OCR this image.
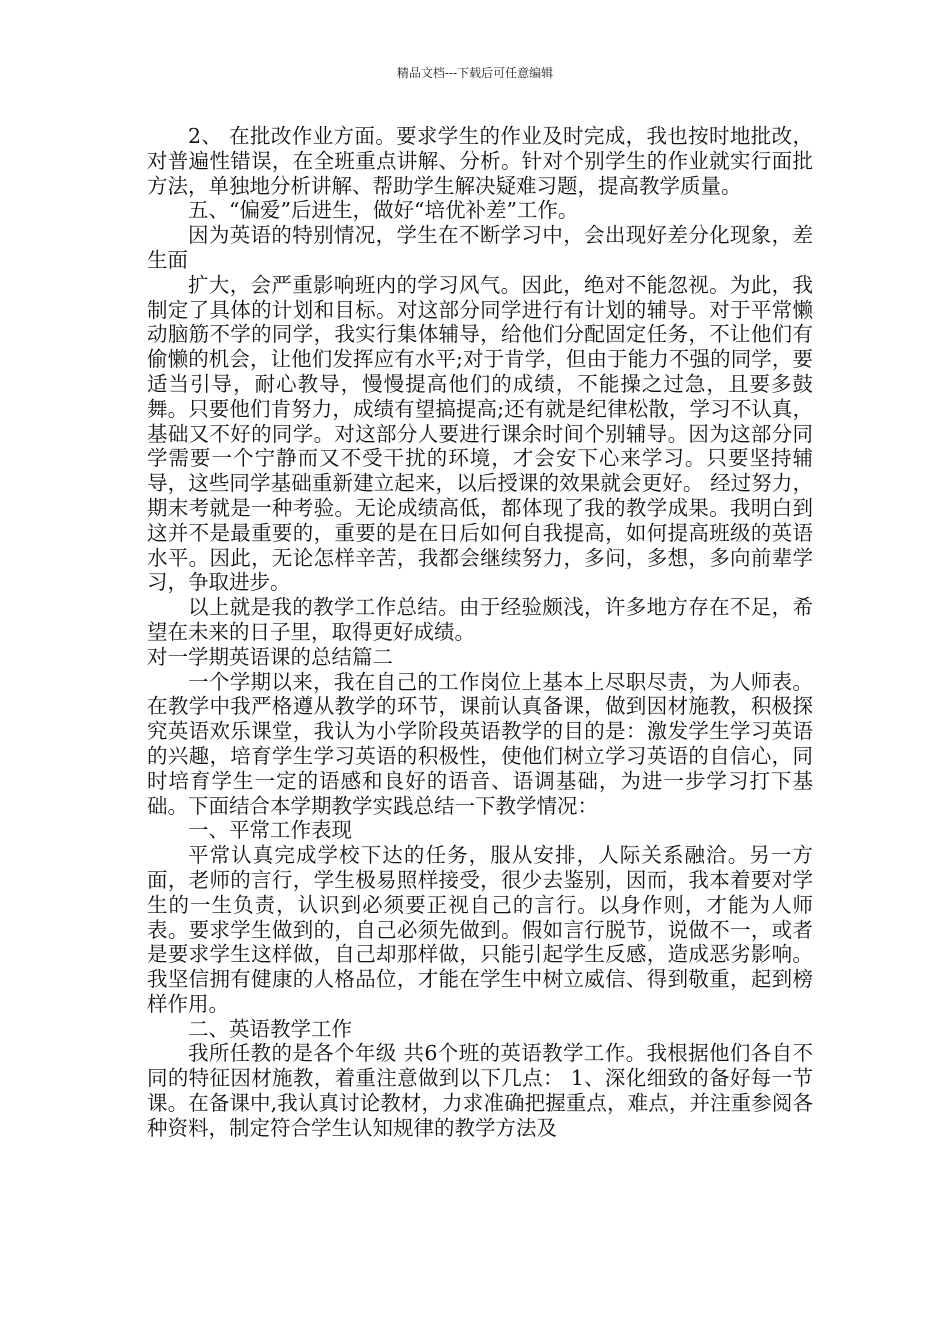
精品文档---下载后可任意编辑

2、 在批改作业方面。要求学生的作业及时完成，我也按时地批改，对普遍性错误，在全班重点讲解、分析。针对个别学生的作业就实行面批方法，单独地分析讲解、帮助学生解决疑难习题，提高教学质量。

五、“偏爱”后进生，做好“培优补差”工作。

因为英语的特别情况，学生在不断学习中，会出现好差分化现象，差生面

扩大，会严重影响班内的学习风气。因此，绝对不能忽视。为此，我制定了具体的计划和目标。对这部分同学进行有计划的辅导。对于平常懒动脑筋不学的同学，我实行集体辅导，给他们分配固定任务，不让他们有偷懒的机会，让他们发挥应有水平;对于肯学，但由于能力不强的同学，要适当引导，耐心教导，慢慢提高他们的成绩，不能操之过急，且要多鼓舞。只要他们肯努力，成绩有望搞提高;还有就是纪律松散，学习不认真，基础又不好的同学。对这部分人要进行课余时间个别辅导。因为这部分同学需要一个宁静而又不受干扰的环境，才会安下心来学习。只要坚持辅导，这些同学基础重新建立起来，以后授课的效果就会更好。 经过努力，期末考就是一种考验。无论成绩高低，都体现了我的教学成果。我明白到这并不是最重要的，重要的是在日后如何自我提高，如何提高班级的英语水平。因此，无论怎样辛苦，我都会继续努力，多问，多想，多向前辈学习，争取进步。

以上就是我的教学工作总结。由于经验颇浅，许多地方存在不足，希望在未来的日子里，取得更好成绩。

对一学期英语课的总结篇二

一个学期以来，我在自己的工作岗位上基本上尽职尽责，为人师表。在教学中我严格遵从教学的环节，课前认真备课，做到因材施教，积极探究英语欢乐课堂，我认为小学阶段英语教学的目的是：激发学生学习英语的兴趣，培育学生学习英语的积极性，使他们树立学习英语的自信心，同时培育学生一定的语感和良好的语音、语调基础，为进一步学习打下基础。下面结合本学期教学实践总结一下教学情况：

一、平常工作表现

平常认真完成学校下达的任务，服从安排，人际关系融洽。另一方面，老师的言行，学生极易照样接受，很少去鉴别，因而，我本着要对学生的一生负责，认识到必须要正视自己的言行。以身作则，才能为人师表。要求学生做到的，自己必须先做到。假如言行脱节，说做不一，或者是要求学生这样做，自己却那样做，只能引起学生反感，造成恶劣影响。我坚信拥有健康的人格品位，才能在学生中树立威信、得到敬重，起到榜样作用。

二、英语教学工作

我所任教的是各个年级 共6个班的英语教学工作。我根据他们各自不同的特征因材施教，着重注意做到以下几点： 1、深化细致的备好每一节课。在备课中,我认真讨论教材，力求准确把握重点，难点，并注重参阅各种资料，制定符合学生认知规律的教学方法及
